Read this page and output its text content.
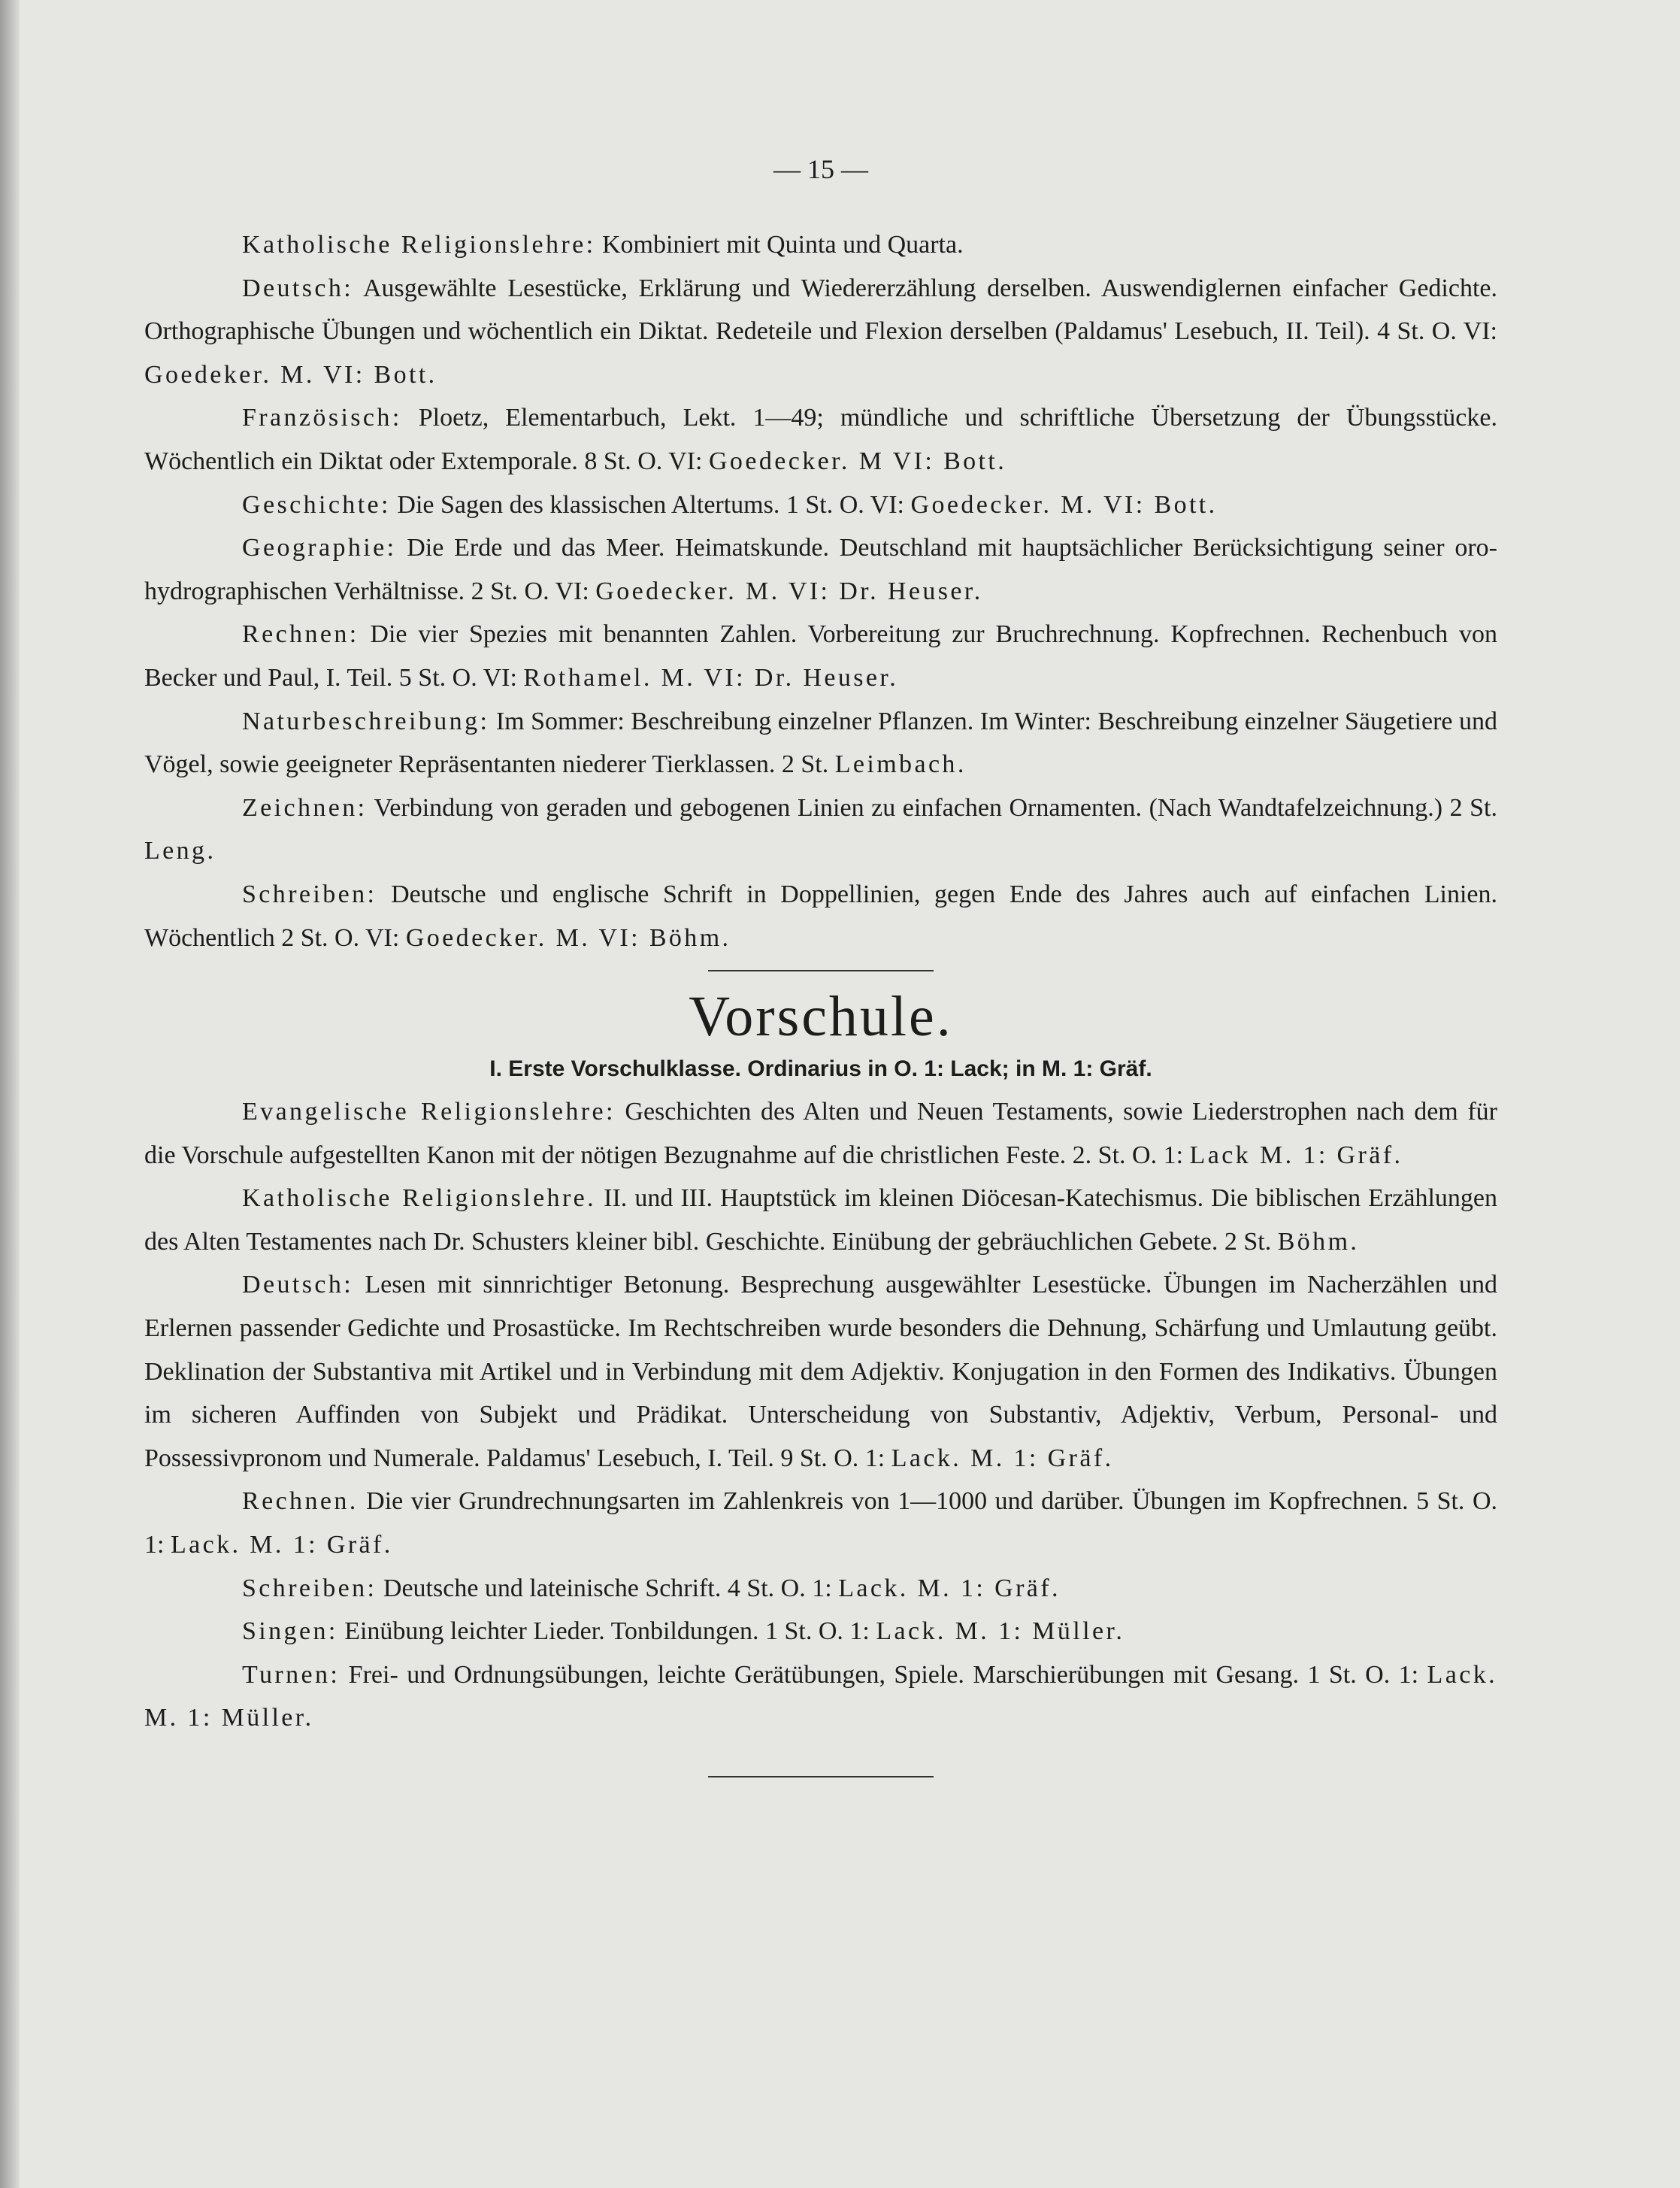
— 15 —

Katholische Religionslehre: Kombiniert mit Quinta und Quarta.

Deutsch: Ausgewählte Lesestücke, Erklärung und Wiedererzählung derselben. Auswendiglernen einfacher Gedichte. Orthographische Übungen und wöchentlich ein Diktat. Redeteile und Flexion derselben (Paldamus' Lesebuch, II. Teil). 4 St. O. VI: Goedeker. M. VI: Bott.

Französisch: Ploetz, Elementarbuch, Lekt. 1—49; mündliche und schriftliche Übersetzung der Übungsstücke. Wöchentlich ein Diktat oder Extemporale. 8 St. O. VI: Goedecker. M VI: Bott.

Geschichte: Die Sagen des klassischen Altertums. 1 St. O. VI: Goedecker. M. VI: Bott.

Geographie: Die Erde und das Meer. Heimatskunde. Deutschland mit hauptsächlicher Berücksichtigung seiner oro-hydrographischen Verhältnisse. 2 St. O. VI: Goedecker. M. VI: Dr. Heuser.

Rechnen: Die vier Spezies mit benannten Zahlen. Vorbereitung zur Bruchrechnung. Kopfrechnen. Rechenbuch von Becker und Paul, I. Teil. 5 St. O. VI: Rothamel. M. VI: Dr. Heuser.

Naturbeschreibung: Im Sommer: Beschreibung einzelner Pflanzen. Im Winter: Beschreibung einzelner Säugetiere und Vögel, sowie geeigneter Repräsentanten niederer Tierklassen. 2 St. Leimbach.

Zeichnen: Verbindung von geraden und gebogenen Linien zu einfachen Ornamenten. (Nach Wandtafelzeichnung.) 2 St. Leng.

Schreiben: Deutsche und englische Schrift in Doppellinien, gegen Ende des Jahres auch auf einfachen Linien. Wöchentlich 2 St. O. VI: Goedecker. M. VI: Böhm.

Vorschule.
I. Erste Vorschulklasse. Ordinarius in O. 1: Lack; in M. 1: Gräf.

Evangelische Religionslehre: Geschichten des Alten und Neuen Testaments, sowie Liederstrophen nach dem für die Vorschule aufgestellten Kanon mit der nötigen Bezugnahme auf die christlichen Feste. 2. St. O. 1: Lack M. 1: Gräf.

Katholische Religionslehre. II. und III. Hauptstück im kleinen Diöcesan-Katechismus. Die biblischen Erzählungen des Alten Testamentes nach Dr. Schusters kleiner bibl. Geschichte. Einübung der gebräuchlichen Gebete. 2 St. Böhm.

Deutsch: Lesen mit sinnrichtiger Betonung. Besprechung ausgewählter Lesestücke. Übungen im Nacherzählen und Erlernen passender Gedichte und Prosastücke. Im Rechtschreiben wurde besonders die Dehnung, Schärfung und Umlautung geübt. Deklination der Substantiva mit Artikel und in Verbindung mit dem Adjektiv. Konjugation in den Formen des Indikativs. Übungen im sicheren Auffinden von Subjekt und Prädikat. Unterscheidung von Substantiv, Adjektiv, Verbum, Personal- und Possessivpronom und Numerale. Paldamus' Lesebuch, I. Teil. 9 St. O. 1: Lack. M. 1: Gräf.

Rechnen. Die vier Grundrechnungsarten im Zahlenkreis von 1—1000 und darüber. Übungen im Kopfrechnen. 5 St. O. 1: Lack. M. 1: Gräf.

Schreiben: Deutsche und lateinische Schrift. 4 St. O. 1: Lack. M. 1: Gräf.

Singen: Einübung leichter Lieder. Tonbildungen. 1 St. O. 1: Lack. M. 1: Müller.

Turnen: Frei- und Ordnungsübungen, leichte Gerätübungen, Spiele. Marschierübungen mit Gesang. 1 St. O. 1: Lack. M. 1: Müller.
